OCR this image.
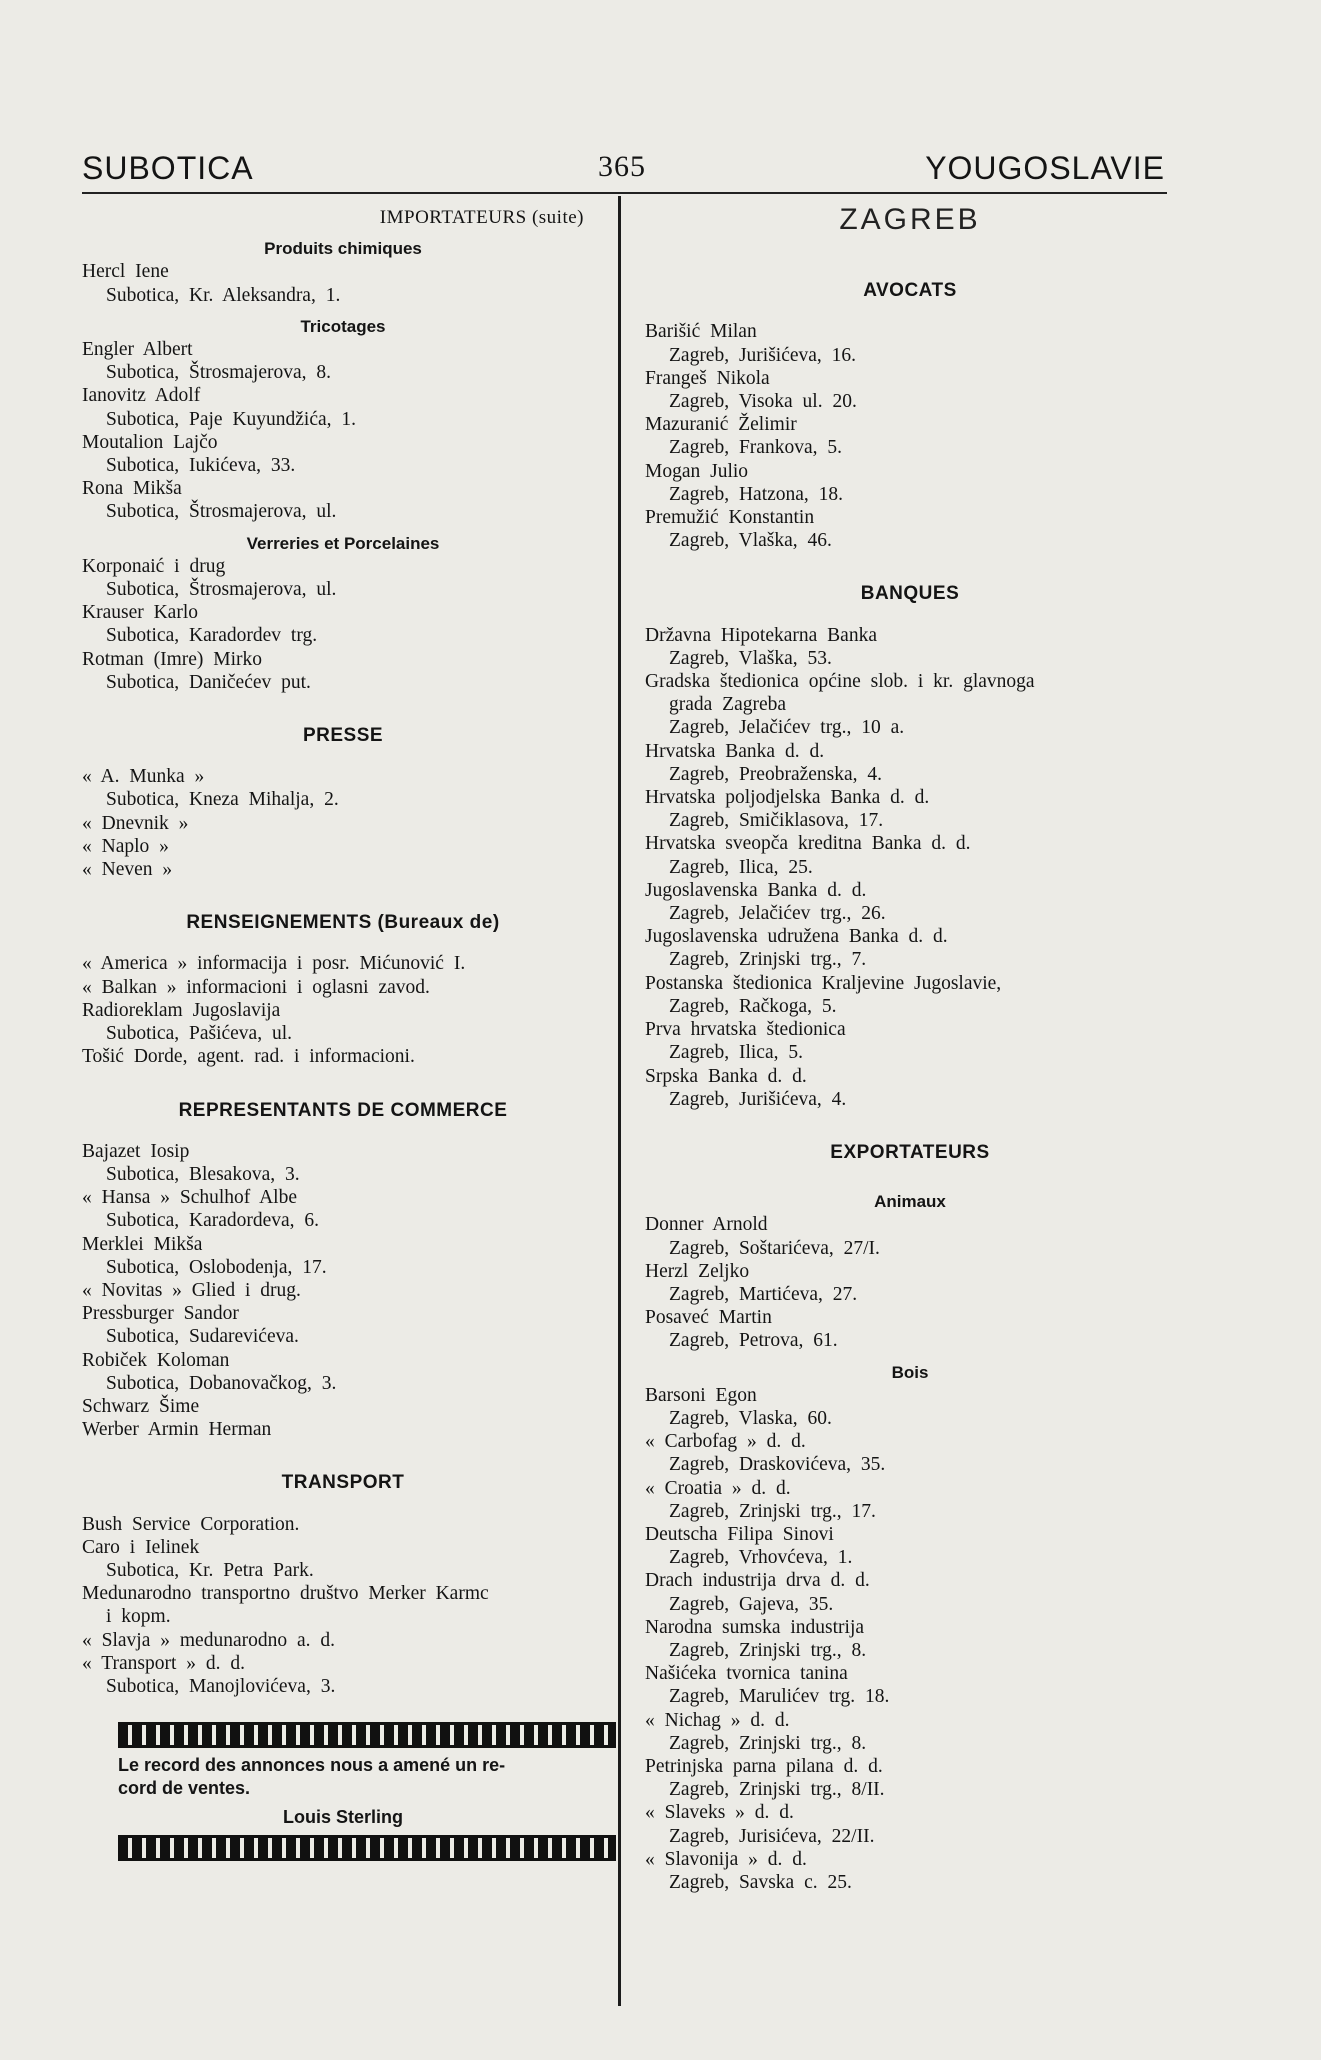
SUBOTICA	365	YOUGOSLAVIE
IMPORTATEURS (suite)
Produits chimiques
Hercl Iene
Subotica, Kr. Aleksandra, 1.
Tricotages
Engler Albert
Subotica, Štrosmajerova, 8.
Ianovitz Adolf
Subotica, Paje Kuyundžića, 1.
Moutalion Lajčo
Subotica, Iukićeva, 33.
Rona Mikša
Subotica, Štrosmajerova, ul.
Verreries et Porcelaines
Korponaić i drug
Subotica, Štrosmajerova, ul.
Krauser Karlo
Subotica, Karadordev trg.
Rotman (Imre) Mirko
Subotica, Daničećev put.
PRESSE
« A. Munka »
Subotica, Kneza Mihalja, 2.
« Dnevnik »
« Naplo »
« Neven »
RENSEIGNEMENTS (Bureaux de)
« America » informacija i posr. Mićunović I.
« Balkan » informacioni i oglasni zavod.
Radioreklam Jugoslavija
Subotica, Pašićeva, ul.
Tošić Dorde, agent. rad. i informacioni.
REPRESENTANTS DE COMMERCE
Bajazet Iosip
Subotica, Blesakova, 3.
« Hansa » Schulhof Albe
Subotica, Karadordeva, 6.
Merklei Mikša
Subotica, Oslobodenja, 17.
« Novitas » Glied i drug.
Pressburger Sandor
Subotica, Sudarevićeva.
Robiček Koloman
Subotica, Dobanovačkog, 3.
Schwarz Šime
Werber Armin Herman
TRANSPORT
Bush Service Corporation.
Caro i Ielinek
Subotica, Kr. Petra Park.
Medunarodno transportno društvo Merker Karmc
i kopm.
« Slavja » medunarodno a. d.
« Transport » d. d.
Subotica, Manojlovićeva, 3.
Le record des annonces nous a amené un re-
cord de ventes.
Louis Sterling
ZAGREB
AVOCATS
Barišić Milan
Zagreb, Jurišićeva, 16.
Frangeš Nikola
Zagreb, Visoka ul. 20.
Mazuranić Želimir
Zagreb, Frankova, 5.
Mogan Julio
Zagreb, Hatzona, 18.
Premužić Konstantin
Zagreb, Vlaška, 46.
BANQUES
Državna Hipotekarna Banka
Zagreb, Vlaška, 53.
Gradska štedionica općine slob. i kr. glavnoga
grada Zagreba
Zagreb, Jelačićev trg., 10 a.
Hrvatska Banka d. d.
Zagreb, Preobraženska, 4.
Hrvatska poljodjelska Banka d. d.
Zagreb, Smičiklasova, 17.
Hrvatska sveopča kreditna Banka d. d.
Zagreb, Ilica, 25.
Jugoslavenska Banka d. d.
Zagreb, Jelačićev trg., 26.
Jugoslavenska udružena Banka d. d.
Zagreb, Zrinjski trg., 7.
Postanska štedionica Kraljevine Jugoslavie,
Zagreb, Račkoga, 5.
Prva hrvatska štedionica
Zagreb, Ilica, 5.
Srpska Banka d. d.
Zagreb, Jurišićeva, 4.
EXPORTATEURS
Animaux
Donner Arnold
Zagreb, Soštarićeva, 27/I.
Herzl Zeljko
Zagreb, Martićeva, 27.
Posaveć Martin
Zagreb, Petrova, 61.
Bois
Barsoni Egon
Zagreb, Vlaska, 60.
« Carbofag » d. d.
Zagreb, Draskovićeva, 35.
« Croatia » d. d.
Zagreb, Zrinjski trg., 17.
Deutscha Filipa Sinovi
Zagreb, Vrhovćeva, 1.
Drach industrija drva d. d.
Zagreb, Gajeva, 35.
Narodna sumska industrija
Zagreb, Zrinjski trg., 8.
Našićeka tvornica tanina
Zagreb, Marulićev trg. 18.
« Nichag » d. d.
Zagreb, Zrinjski trg., 8.
Petrinjska parna pilana d. d.
Zagreb, Zrinjski trg., 8/II.
« Slaveks » d. d.
Zagreb, Jurisićeva, 22/II.
« Slavonija » d. d.
Zagreb, Savska c. 25.
